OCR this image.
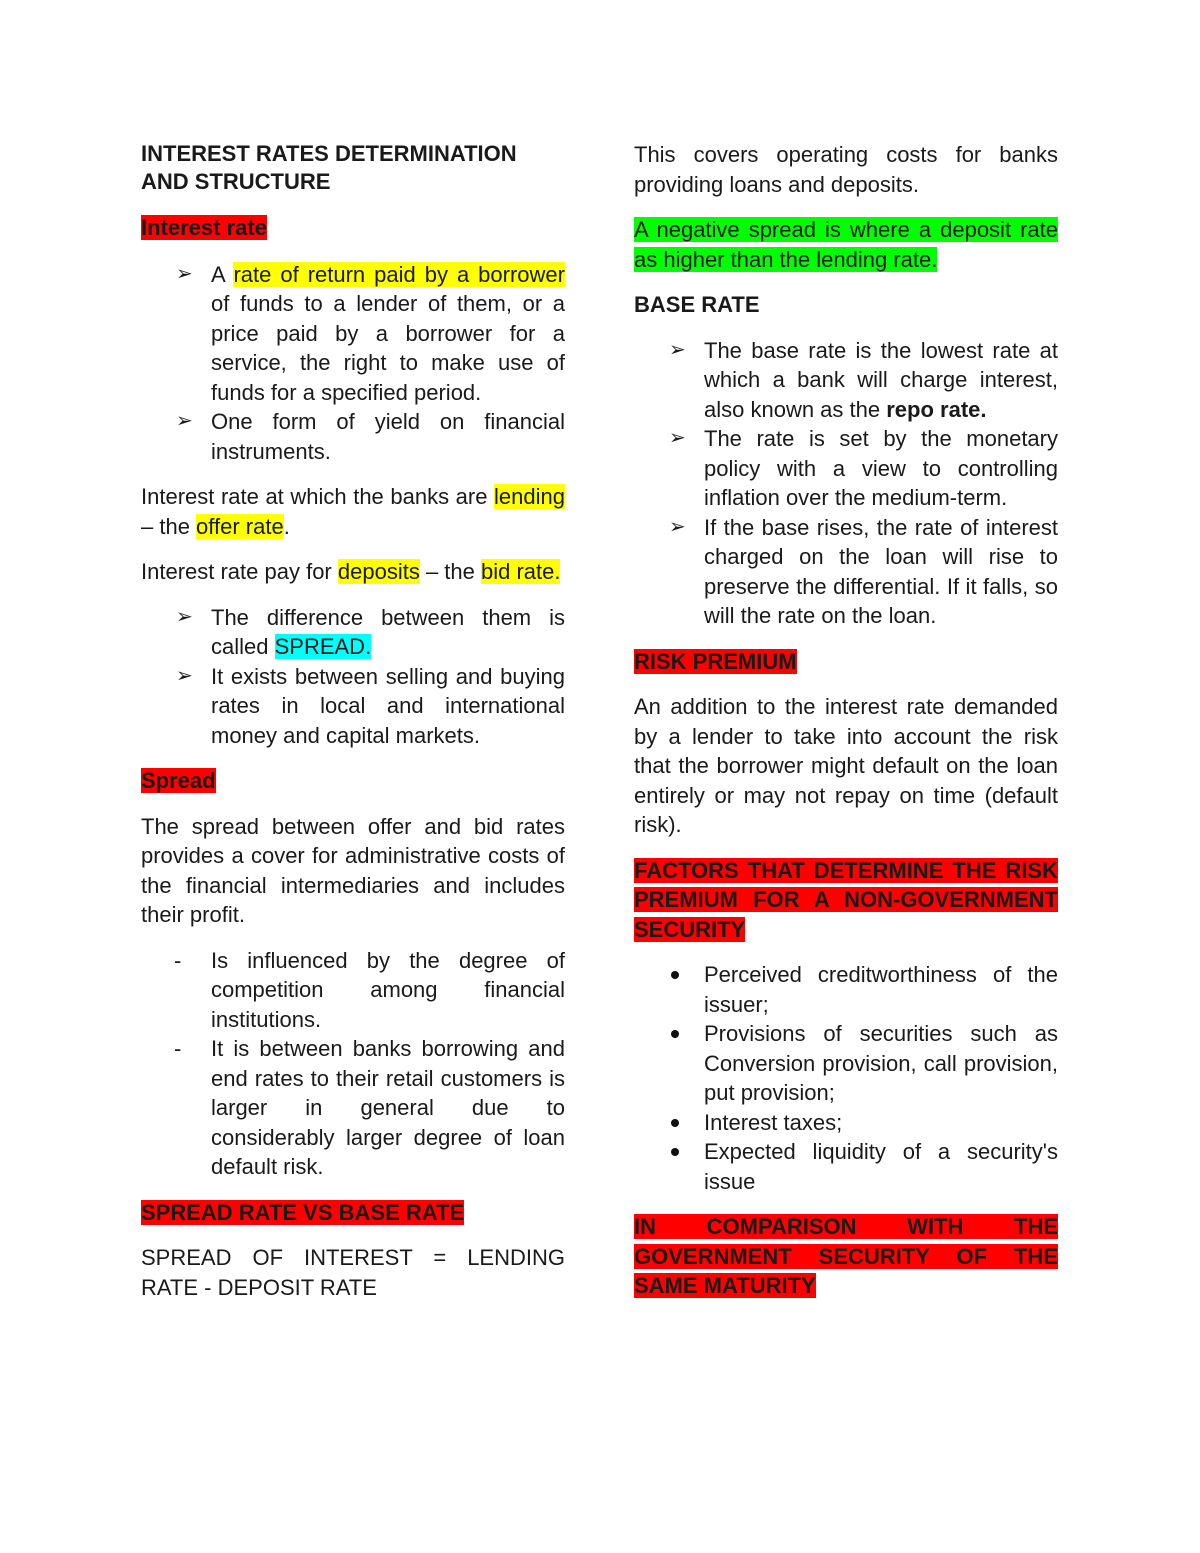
INTEREST RATES DETERMINATION
AND STRUCTURE

Interest rate

➢ A rate of return paid by a borrower of funds to a lender of them, or a price paid by a borrower for a service, the right to make use of funds for a specified period.
➢ One form of yield on financial instruments.

Interest rate at which the banks are lending – the offer rate.

Interest rate pay for deposits – the bid rate.

➢ The difference between them is called SPREAD.
➢ It exists between selling and buying rates in local and international money and capital markets.

Spread

The spread between offer and bid rates provides a cover for administrative costs of the financial intermediaries and includes their profit.

- Is influenced by the degree of competition among financial institutions.
- It is between banks borrowing and end rates to their retail customers is larger in general due to considerably larger degree of loan default risk.

SPREAD RATE VS BASE RATE

SPREAD OF INTEREST = LENDING RATE - DEPOSIT RATE

This covers operating costs for banks providing loans and deposits.

A negative spread is where a deposit rate as higher than the lending rate.

BASE RATE

➢ The base rate is the lowest rate at which a bank will charge interest, also known as the repo rate.
➢ The rate is set by the monetary policy with a view to controlling inflation over the medium-term.
➢ If the base rises, the rate of interest charged on the loan will rise to preserve the differential. If it falls, so will the rate on the loan.

RISK PREMIUM

An addition to the interest rate demanded by a lender to take into account the risk that the borrower might default on the loan entirely or may not repay on time (default risk).

FACTORS THAT DETERMINE THE RISK PREMIUM FOR A NON-GOVERNMENT SECURITY

Perceived creditworthiness of the issuer;
Provisions of securities such as Conversion provision, call provision, put provision;
Interest taxes;
Expected liquidity of a security's issue

IN COMPARISON WITH THE GOVERNMENT SECURITY OF THE SAME MATURITY
